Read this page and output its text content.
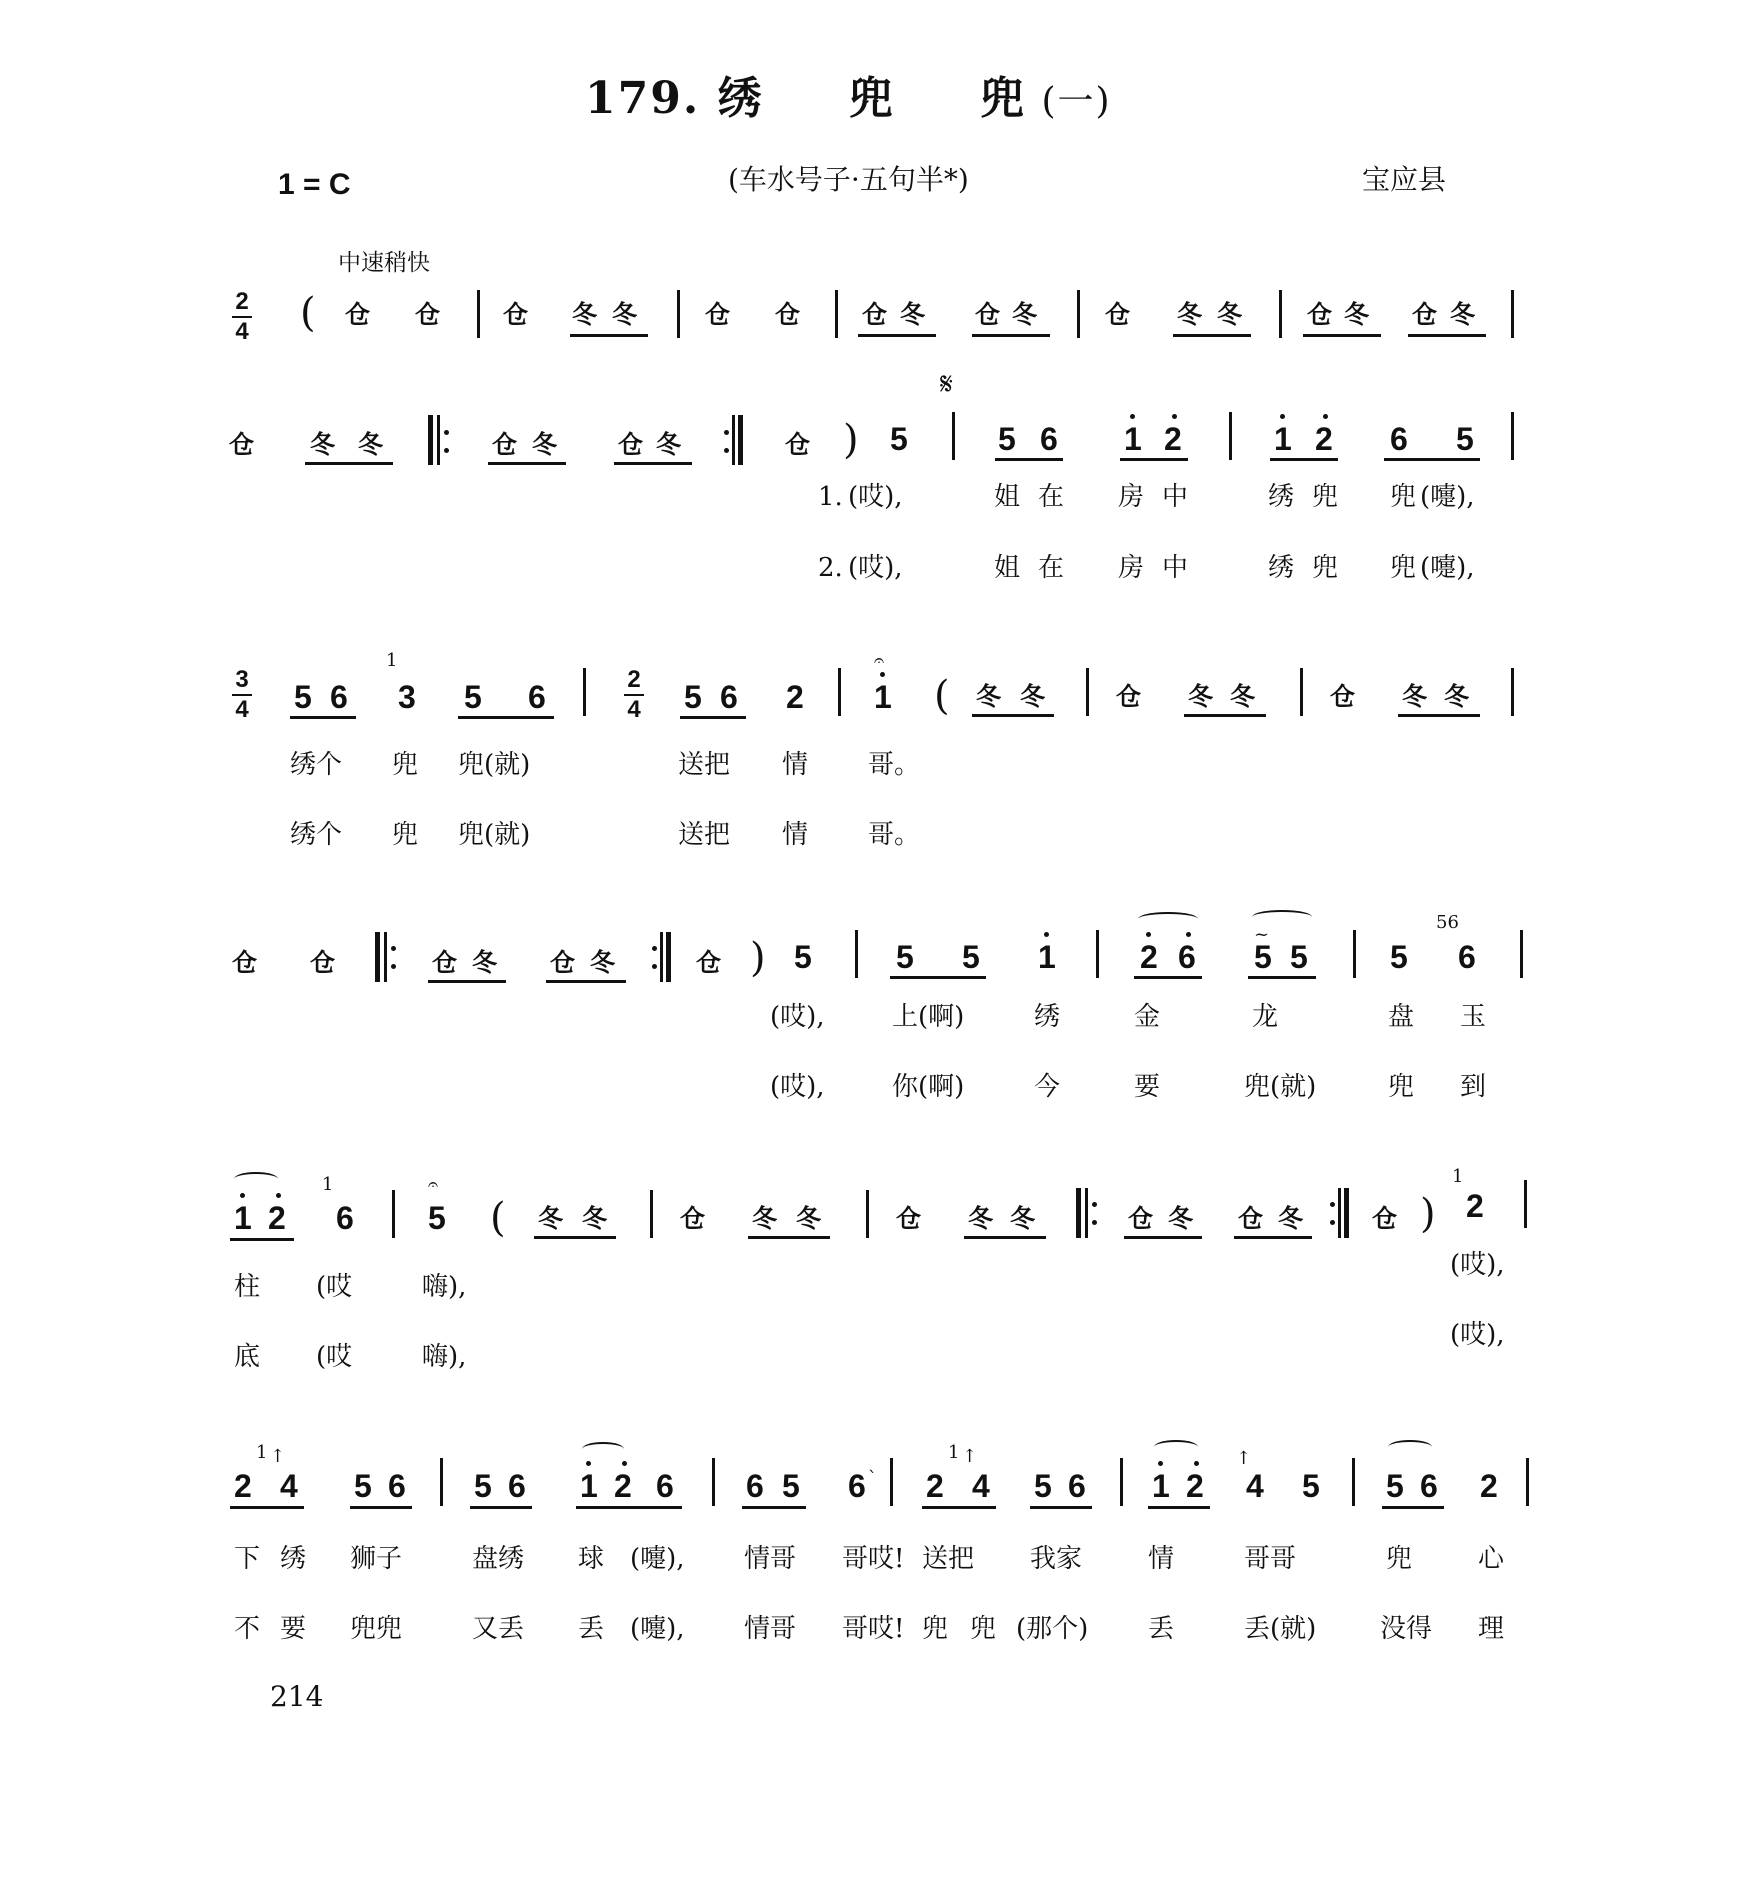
179. 绣 兜 兜 (一)
1 = C	(车水号子·五句半*)	宝应县
中速稍快
2
4 ( 仓 仓	仓 冬 冬	仓 仓 仓 冬 仓 冬	仓 冬 冬	仓 冬 仓 冬
𝄋
仓 冬 冬	仓 冬 仓 冬	仓 ) 5	5 6 1 2	1 2 6 5
1. (哎),	姐 在 房 中	绣 兜 兜 (嚏),
2. (哎),	姐 在 房 中	绣 兜 兜 (嚏),
3
4 5 6
1
3 5 6	2
4 5 6 2
𝄐
1 ( 冬 冬	仓 冬 冬	仓 冬 冬
绣个 兜 兜(就)	送把 情 哥。
绣个 兜 兜(就)	送把 情 哥。
仓 仓	仓 冬 仓 冬	仓 ) 5	5 5 1	2 6
~
5 5	5
56
6
(哎),	上(啊)	绣	金	龙	盘 玉
(哎),	你(啊)	今	要	兜(就)	兜 到
1 2
1
6
𝄐
5 ( 冬 冬	仓 冬 冬	仓 冬 冬	仓 冬 仓 冬	仓 )
1
2
柱 (哎	嗨),
(哎),
底 (哎	嗨),
(哎),
2
1 ↑
4 5 6 5 6 1 2 6 6 5 6 ` 2
1 ↑
4 5 6 1 2
↑
4 5 5 6 2
下 绣 狮子	盘绣 球 (嚏), 情哥 哥哎! 送把 我家	情	哥哥	兜	心
不 要 兜兜	又丢 丢 (嚏), 情哥 哥哎! 兜 兜 (那个) 丢	丢(就) 没得 理
214
